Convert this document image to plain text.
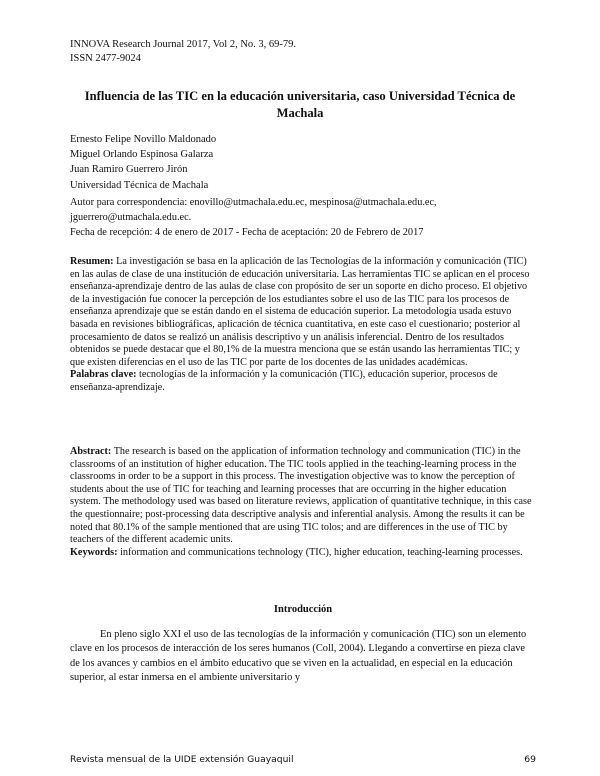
INNOVA Research Journal 2017, Vol 2, No. 3, 69-79.
ISSN 2477-9024
Influencia de las TIC en la educación universitaria, caso Universidad Técnica de Machala
Ernesto Felipe Novillo Maldonado
Miguel Orlando Espinosa Galarza
Juan Ramiro Guerrero Jirón
Universidad Técnica de Machala
Autor para correspondencia: enovillo@utmachala.edu.ec, mespinosa@utmachala.edu.ec, jguerrero@utmachala.edu.ec.
Fecha de recepción: 4 de enero de 2017 - Fecha de aceptación: 20 de Febrero de 2017
Resumen: La investigación se basa en la aplicación de las Tecnologías de la información y comunicación (TIC) en las aulas de clase de una institución de educación universitaria. Las herramientas TIC se aplican en el proceso enseñanza-aprendizaje dentro de las aulas de clase con propósito de ser un soporte en dicho proceso. El objetivo de la investigación fue conocer la percepción de los estudiantes sobre el uso de las TIC para los procesos de enseñanza aprendizaje que se están dando en el sistema de educación superior. La metodología usada estuvo basada en revisiones bibliográficas, aplicación de técnica cuantitativa, en este caso el cuestionario; posterior al procesamiento de datos se realizó un análisis descriptivo y un análisis inferencial. Dentro de los resultados obtenidos se puede destacar que el 80,1% de la muestra menciona que se están usando las herramientas TIC; y que existen diferencias en el uso de las TIC por parte de los docentes de las unidades académicas.
Palabras clave: tecnologías de la información y la comunicación (TIC), educación superior, procesos de enseñanza-aprendizaje.
Abstract: The research is based on the application of information technology and communication (TIC) in the classrooms of an institution of higher education. The TIC tools applied in the teaching-learning process in the classrooms in order to be a support in this process. The investigation objective was to know the perception of students about the use of TIC for teaching and learning processes that are occurring in the higher education system. The methodology used was based on literature reviews, application of quantitative technique, in this case the questionnaire; post-processing data descriptive analysis and inferential analysis. Among the results it can be noted that 80.1% of the sample mentioned that are using TIC tolos; and are differences in the use of TIC by teachers of the different academic units.
Keywords: information and communications technology (TIC), higher education, teaching-learning processes.
Introducción
En pleno siglo XXI el uso de las tecnologías de la información y comunicación (TIC) son un elemento clave en los procesos de interacción de los seres humanos (Coll, 2004). Llegando a convertirse en pieza clave de los avances y cambios en el ámbito educativo que se viven en la actualidad, en especial en la educación superior, al estar inmersa en el ambiente universitario y
Revista mensual de la UIDE extensión Guayaquil	69
